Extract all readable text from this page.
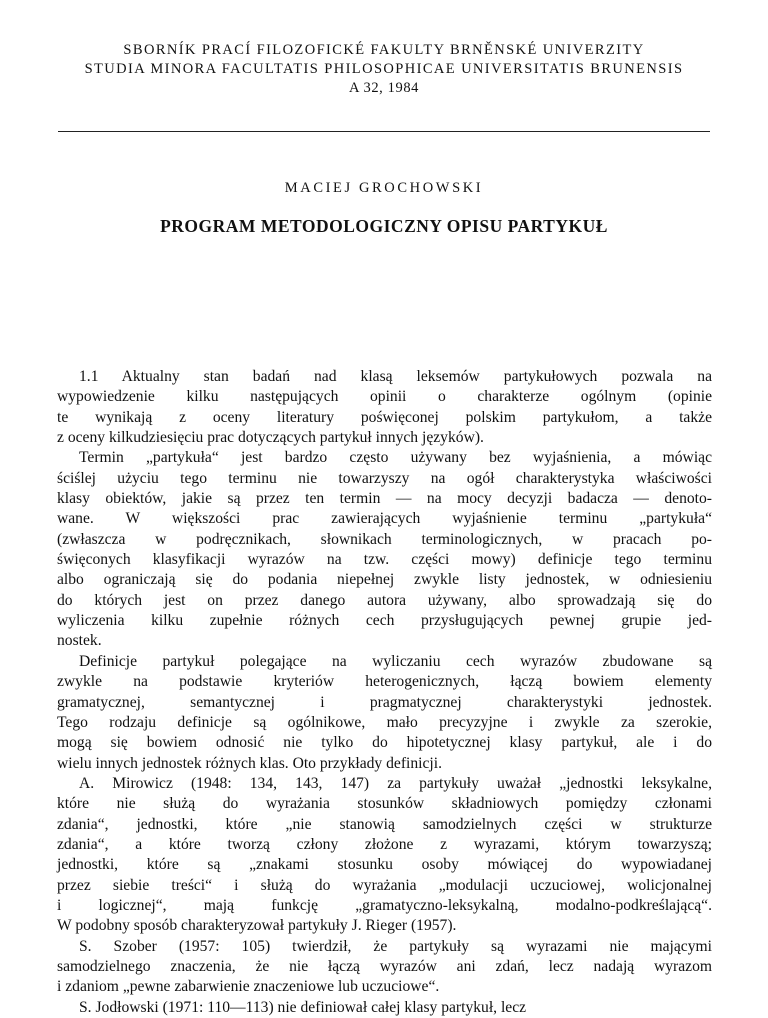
SBORNÍK PRACÍ FILOZOFICKÉ FAKULTY BRNĚNSKÉ UNIVERZITY
STUDIA MINORA FACULTATIS PHILOSOPHICAE UNIVERSITATIS BRUNENSIS
A 32, 1984
MACIEJ GROCHOWSKI
PROGRAM METODOLOGICZNY OPISU PARTYKUŁ

1.1 Aktualny stan badań nad klasą leksemów partykułowych pozwala na
wypowiedzenie kilku następujących opinii o charakterze ogólnym (opinie
te wynikają z oceny literatury poświęconej polskim partykułom, a także
z oceny kilkudziesięciu prac dotyczących partykuł innych języków).

Termin „partykuła“ jest bardzo często używany bez wyjaśnienia, a mówiąc
ściślej użyciu tego terminu nie towarzyszy na ogół charakterystyka właściwości
klasy obiektów, jakie są przez ten termin — na mocy decyzji badacza — denoto-
wane. W większości prac zawierających wyjaśnienie terminu „partykuła“
(zwłaszcza w podręcznikach, słownikach terminologicznych, w pracach po-
święconych klasyfikacji wyrazów na tzw. części mowy) definicje tego terminu
albo ograniczają się do podania niepełnej zwykle listy jednostek, w odniesieniu
do których jest on przez danego autora używany, albo sprowadzają się do
wyliczenia kilku zupełnie różnych cech przysługujących pewnej grupie jed-
nostek.

Definicje partykuł polegające na wyliczaniu cech wyrazów zbudowane są
zwykle na podstawie kryteriów heterogenicznych, łączą bowiem elementy
gramatycznej, semantycznej i pragmatycznej charakterystyki jednostek.
Tego rodzaju definicje są ogólnikowe, mało precyzyjne i zwykle za szerokie,
mogą się bowiem odnosić nie tylko do hipotetycznej klasy partykuł, ale i do
wielu innych jednostek różnych klas. Oto przykłady definicji.

A. Mirowicz (1948: 134, 143, 147) za partykuły uważał „jednostki leksykalne,
które nie służą do wyrażania stosunków składniowych pomiędzy członami
zdania“, jednostki, które „nie stanowią samodzielnych części w strukturze
zdania“, a które tworzą człony złożone z wyrazami, którym towarzyszą;
jednostki, które są „znakami stosunku osoby mówiącej do wypowiadanej
przez siebie treści“ i służą do wyrażania „modulacji uczuciowej, wolicjonalnej
i logicznej“, mają funkcję „gramatyczno-leksykalną, modalno-podkreślającą“.
W podobny sposób charakteryzował partykuły J. Rieger (1957).

S. Szober (1957: 105) twierdził, że partykuły są wyrazami nie mającymi
samodzielnego znaczenia, że nie łączą wyrazów ani zdań, lecz nadają wyrazom
i zdaniom „pewne zabarwienie znaczeniowe lub uczuciowe“.

S. Jodłowski (1971: 110—113) nie definiował całej klasy partykuł, lecz
